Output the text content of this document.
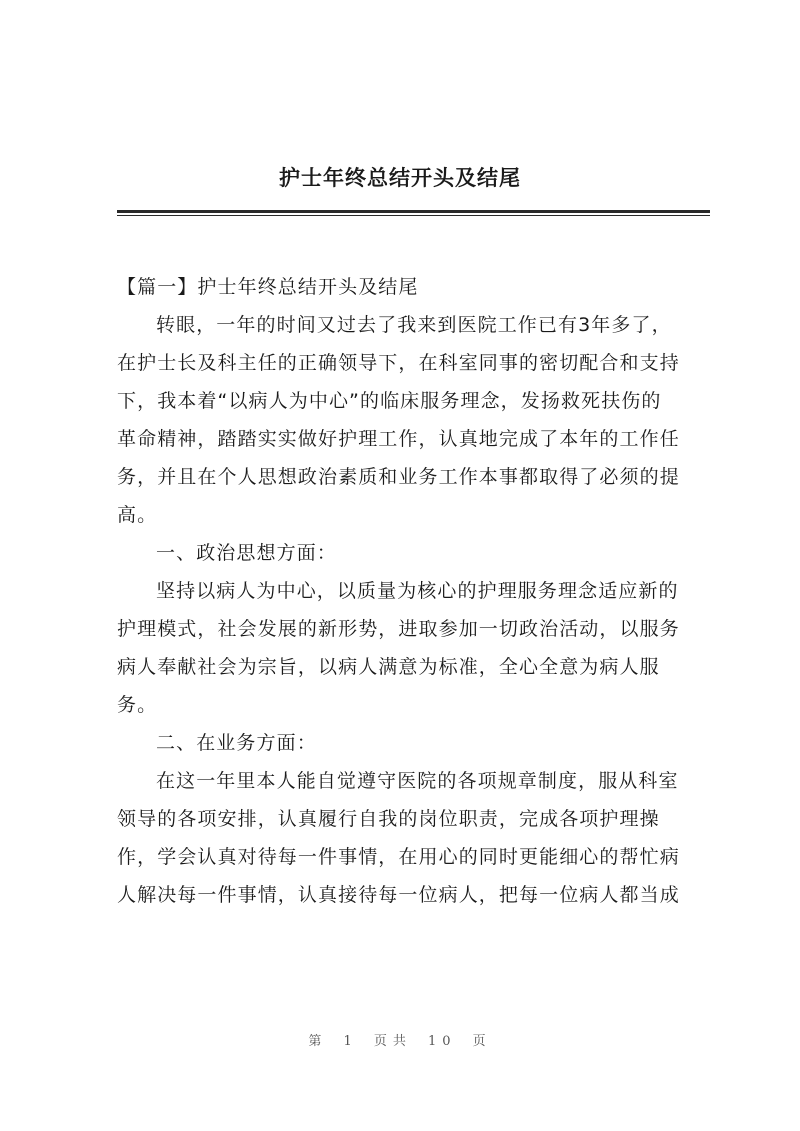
护士年终总结开头及结尾
【篇一】护士年终总结开头及结尾
转眼，一年的时间又过去了我来到医院工作已有3年多了，
在护士长及科主任的正确领导下，在科室同事的密切配合和支持
下，我本着“以病人为中心”的临床服务理念，发扬救死扶伤的
革命精神，踏踏实实做好护理工作，认真地完成了本年的工作任
务，并且在个人思想政治素质和业务工作本事都取得了必须的提
高。
一、政治思想方面：
坚持以病人为中心，以质量为核心的护理服务理念适应新的
护理模式，社会发展的新形势，进取参加一切政治活动，以服务
病人奉献社会为宗旨，以病人满意为标准，全心全意为病人服
务。
二、在业务方面：
在这一年里本人能自觉遵守医院的各项规章制度，服从科室
领导的各项安排，认真履行自我的岗位职责，完成各项护理操
作，学会认真对待每一件事情，在用心的同时更能细心的帮忙病
人解决每一件事情，认真接待每一位病人，把每一位病人都当成
第 1 页共 10 页
